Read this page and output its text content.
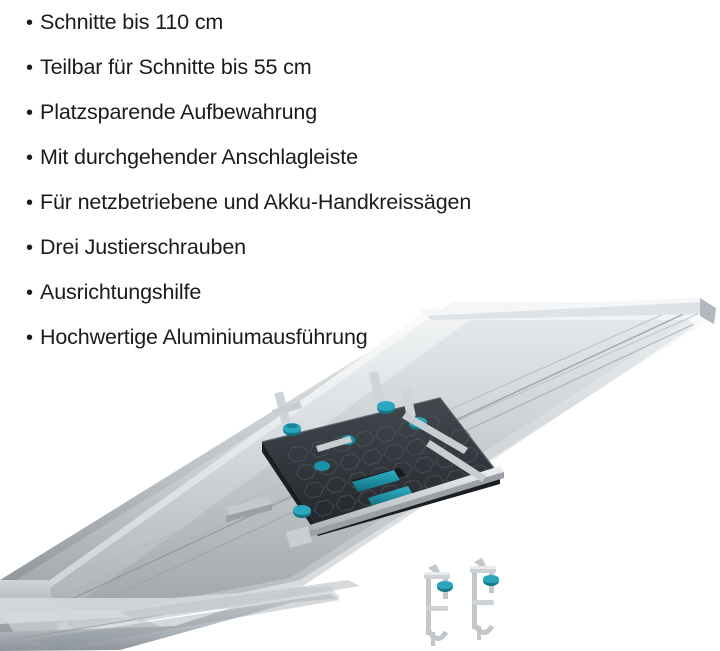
• Schnitte bis 110 cm
• Teilbar für Schnitte bis 55 cm
• Platzsparende Aufbewahrung
• Mit durchgehender Anschlagleiste
• Für netzbetriebene und Akku-Handkreissägen
• Drei Justierschrauben
• Ausrichtungshilfe
• Hochwertige Aluminiumausführung
